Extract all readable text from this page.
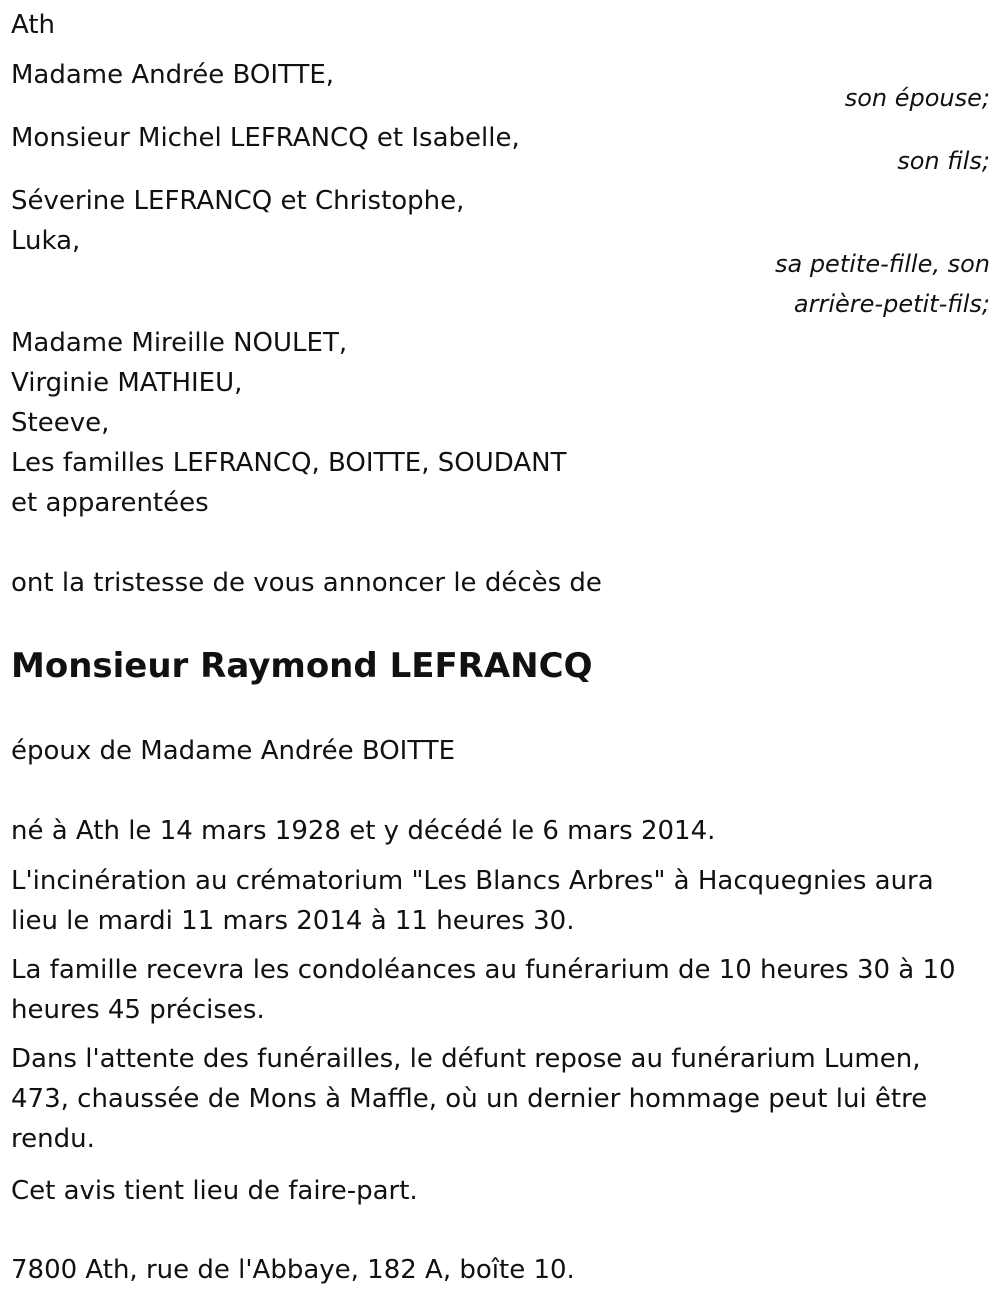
Ath

Madame Andrée BOITTE,

son épouse;

Monsieur Michel LEFRANCQ et Isabelle,

son fils;

Séverine LEFRANCQ et Christophe,

Luka,

sa petite-fille, son
arrière-petit-fils;

Madame Mireille NOULET,

Virginie MATHIEU,

Steeve,

Les familles LEFRANCQ, BOITTE, SOUDANT

et apparentées

ont la tristesse de vous annoncer le décès de

Monsieur Raymond LEFRANCQ

époux de Madame Andrée BOITTE

né à Ath le 14 mars 1928 et y décédé le 6 mars 2014.

L'incinération au crématorium "Les Blancs Arbres" à Hacquegnies aura lieu le mardi 11 mars 2014 à 11 heures 30.

La famille recevra les condoléances au funérarium de 10 heures 30 à 10 heures 45 précises.

Dans l'attente des funérailles, le défunt repose au funérarium Lumen, 473, chaussée de Mons à Maffle, où un dernier hommage peut lui être rendu.

Cet avis tient lieu de faire-part.

7800 Ath, rue de l'Abbaye, 182 A, boîte 10.
